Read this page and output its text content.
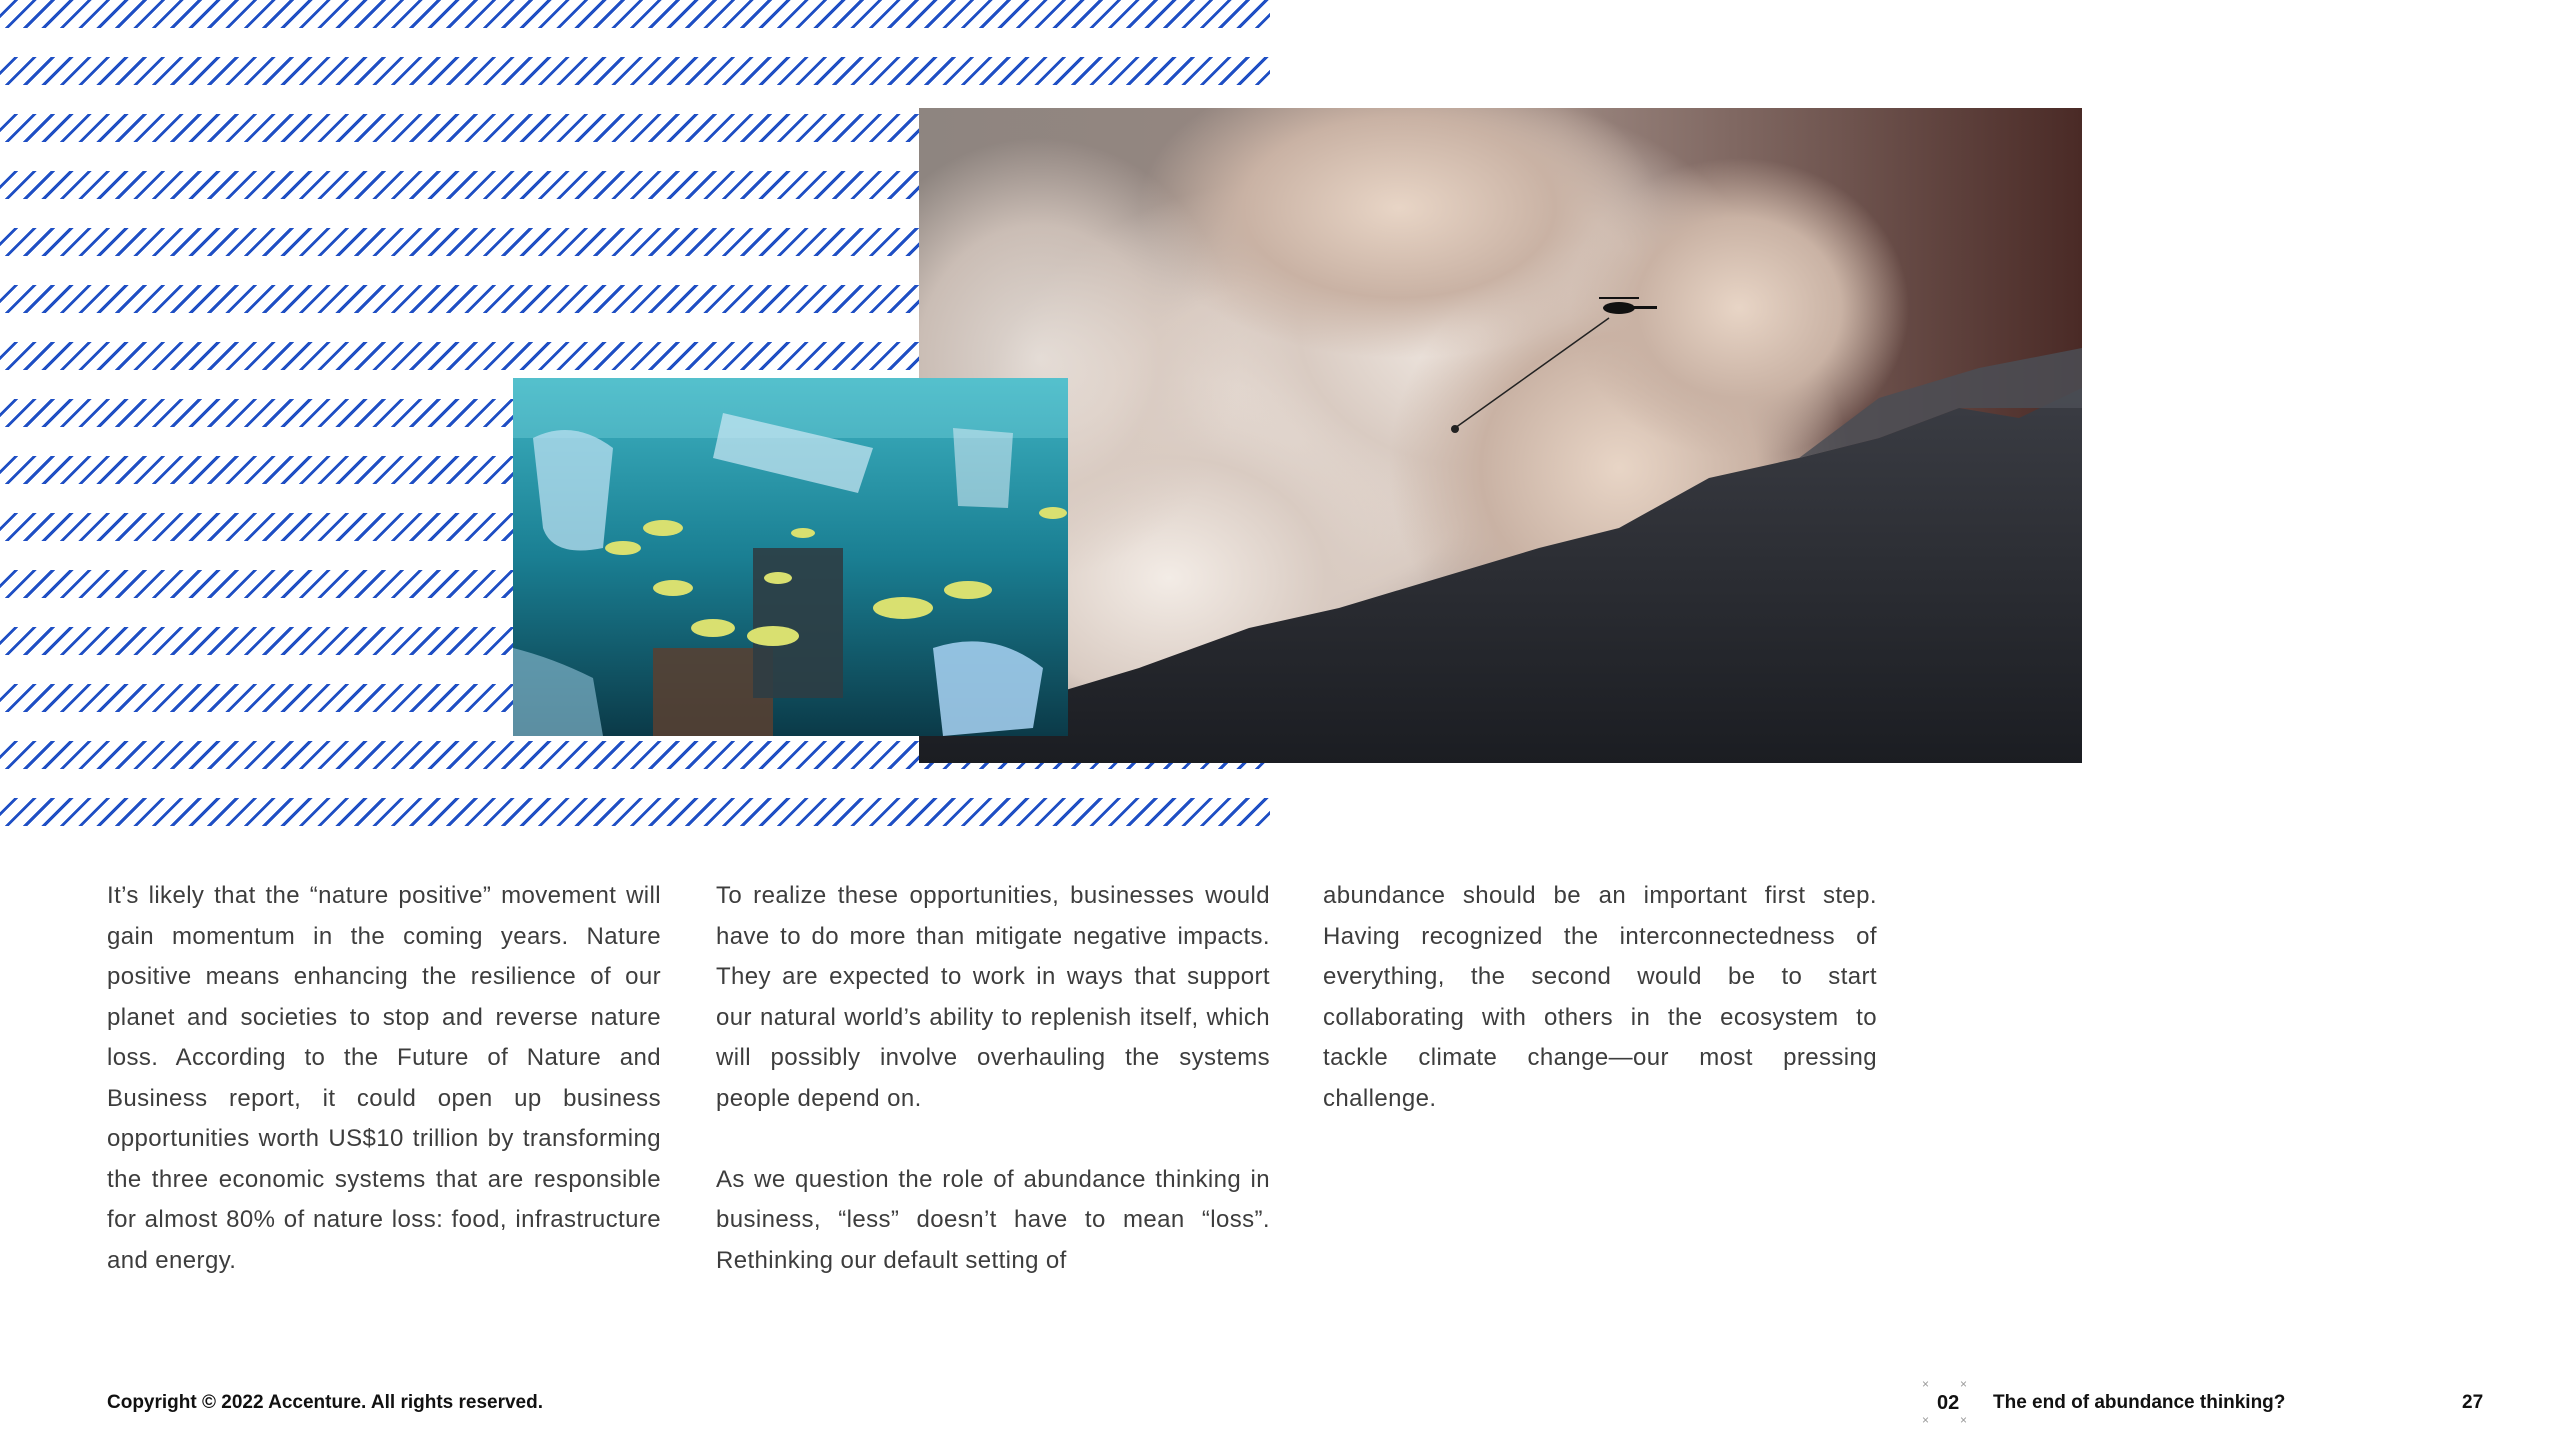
It’s likely that the “nature positive” movement will gain momentum in the coming years. Nature positive means enhancing the resilience of our planet and societies to stop and reverse nature loss. According to the Future of Nature and Business report, it could open up business opportunities worth US$10 trillion by transforming the three economic systems that are responsible for almost 80% of nature loss: food, infrastructure and energy.

To realize these opportunities, businesses would have to do more than mitigate negative impacts. They are expected to work in ways that support our natural world’s ability to replenish itself, which will possibly involve overhauling the systems people depend on.

As we question the role of abundance thinking in business, “less” doesn’t have to mean “loss”. Rethinking our default setting of

abundance should be an important first step. Having recognized the interconnectedness of everything, the second would be to start collaborating with others in the ecosystem to tackle climate change—our most pressing challenge.

Copyright © 2022 Accenture. All rights reserved.
×	×
×	×
02 The end of abundance thinking?	27
